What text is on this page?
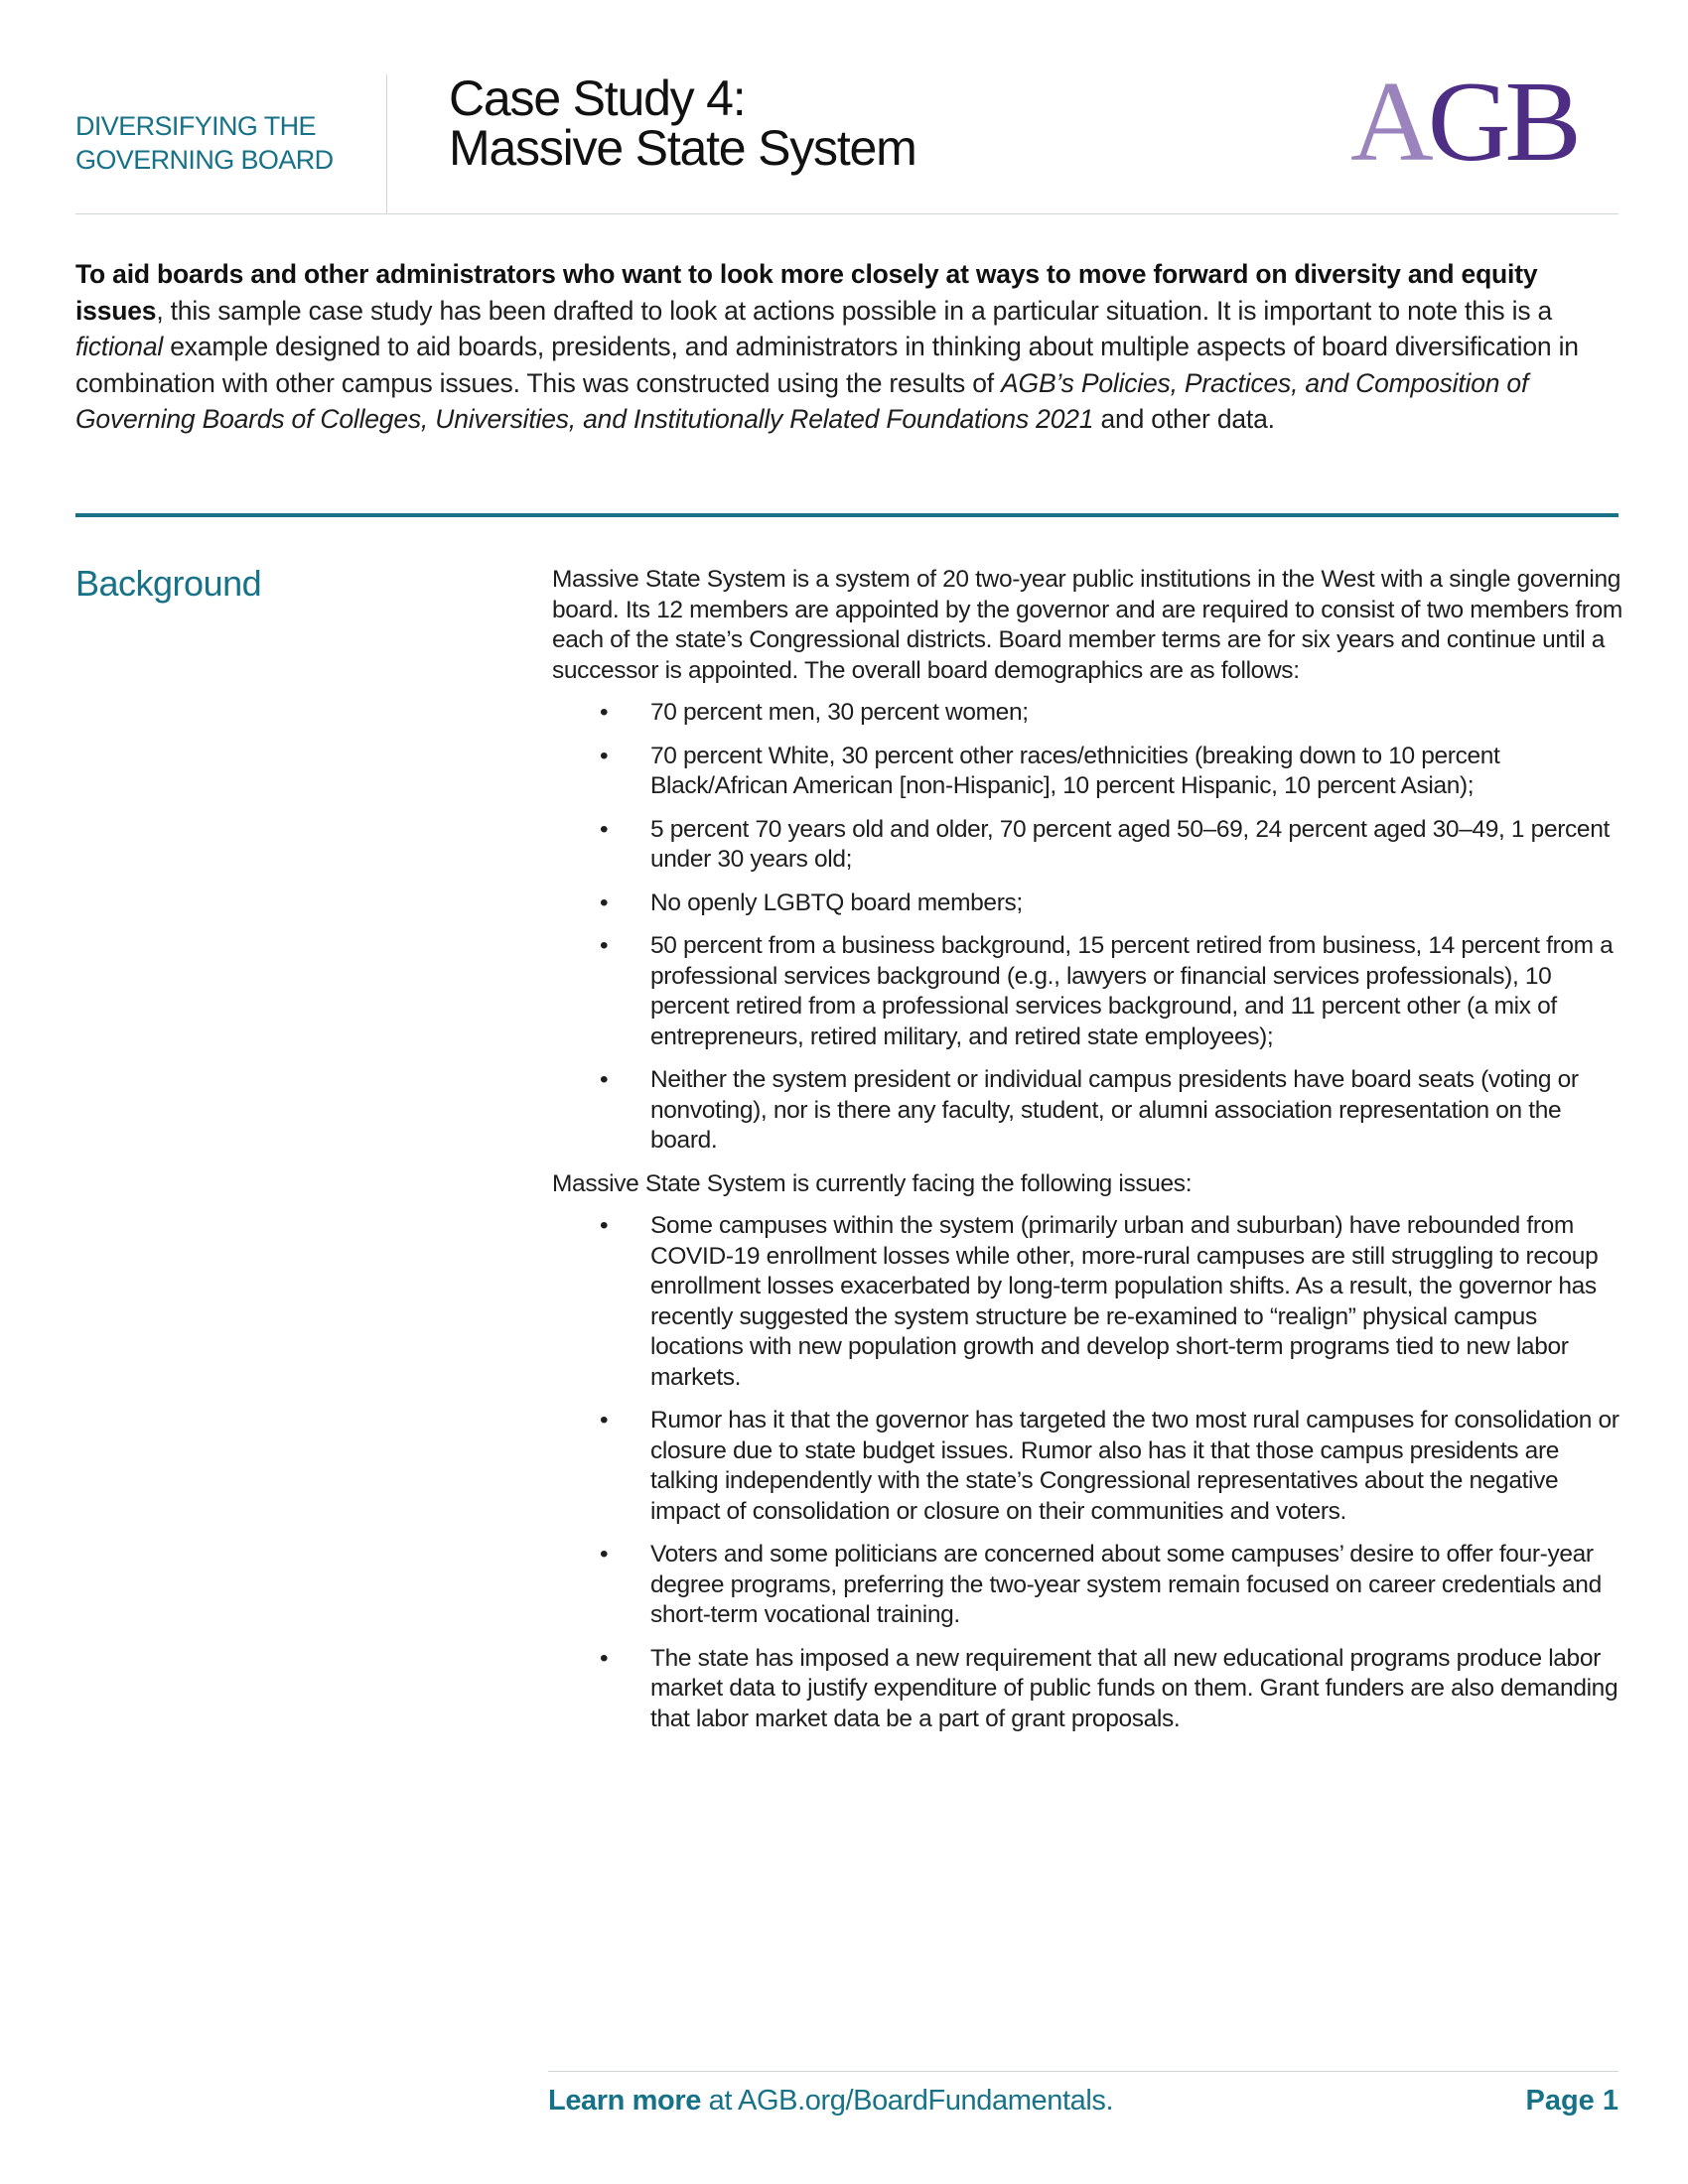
DIVERSIFYING THE
GOVERNING BOARD
Case Study 4:
Massive State System	AGB
To aid boards and other administrators who want to look more closely at ways to move forward on diversity and equity issues, this sample case study has been drafted to look at actions possible in a particular situation. It is important to note this is a fictional example designed to aid boards, presidents, and administrators in thinking about multiple aspects of board diversification in combination with other campus issues. This was constructed using the results of AGB’s Policies, Practices, and Composition of Governing Boards of Colleges, Universities, and Institutionally Related Foundations 2021 and other data.
Background	Massive State System is a system of 20 two-year public institutions in the West with a single governing board. Its 12 members are appointed by the governor and are required to consist of two members from each of the state’s Congressional districts. Board member terms are for six years and continue until a successor is appointed. The overall board demographics are as follows:

• 70 percent men, 30 percent women;
• 70 percent White, 30 percent other races/ethnicities (breaking down to 10 percent Black/African American [non-Hispanic], 10 percent Hispanic, 10 percent Asian);
• 5 percent 70 years old and older, 70 percent aged 50–69, 24 percent aged 30–49, 1 percent under 30 years old;
• No openly LGBTQ board members;
• 50 percent from a business background, 15 percent retired from business, 14 percent from a professional services background (e.g., lawyers or financial services professionals), 10 percent retired from a professional services background, and 11 percent other (a mix of entrepreneurs, retired military, and retired state employees);
• Neither the system president or individual campus presidents have board seats (voting or nonvoting), nor is there any faculty, student, or alumni association representation on the board.

Massive State System is currently facing the following issues:

• Some campuses within the system (primarily urban and suburban) have rebounded from COVID-19 enrollment losses while other, more-rural campuses are still struggling to recoup enrollment losses exacerbated by long-term population shifts. As a result, the governor has recently suggested the system structure be re-examined to “realign” physical campus locations with new population growth and develop short-term programs tied to new labor markets.
• Rumor has it that the governor has targeted the two most rural campuses for consolidation or closure due to state budget issues. Rumor also has it that those campus presidents are talking independently with the state’s Congressional representatives about the negative impact of consolidation or closure on their communities and voters.
• Voters and some politicians are concerned about some campuses’ desire to offer four-year degree programs, preferring the two-year system remain focused on career credentials and short-term vocational training.
• The state has imposed a new requirement that all new educational programs produce labor market data to justify expenditure of public funds on them. Grant funders are also demanding that labor market data be a part of grant proposals.
Learn more at AGB.org/BoardFundamentals.	Page 1
